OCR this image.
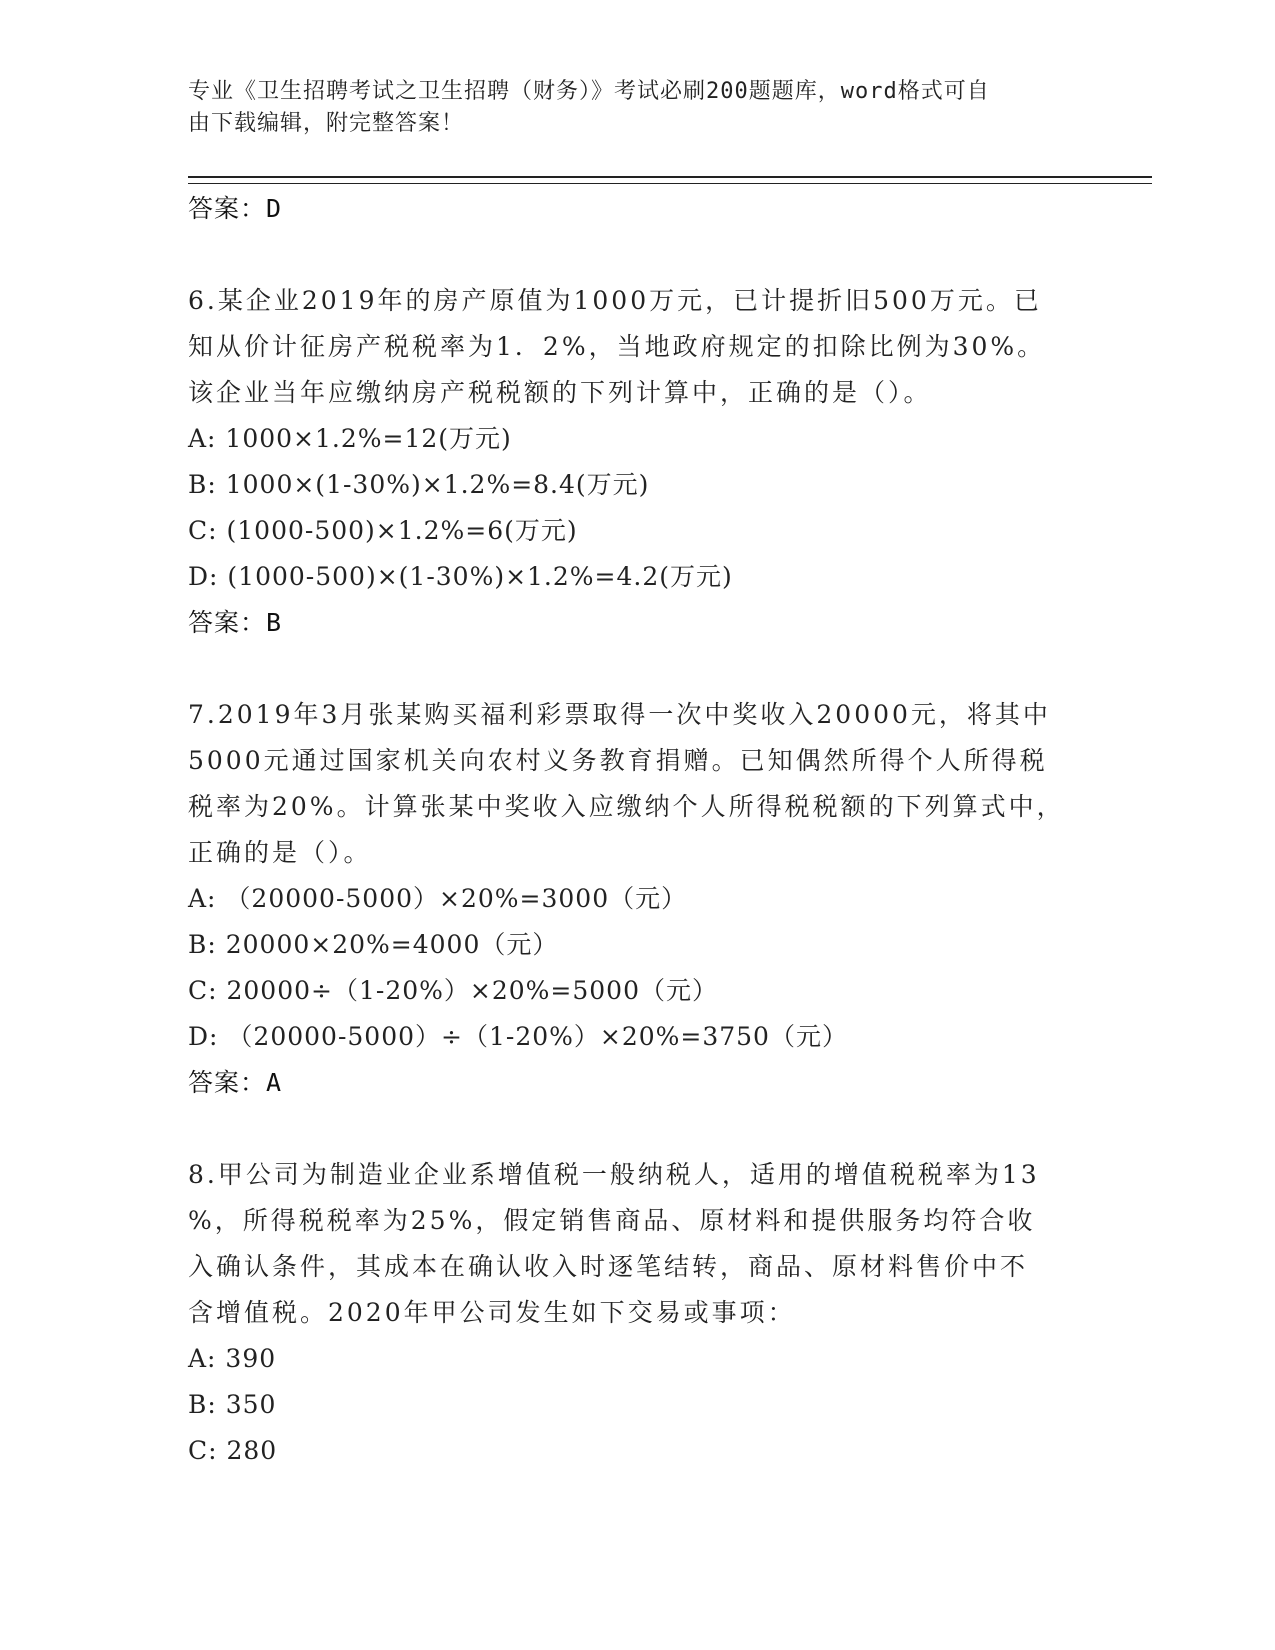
专业《卫生招聘考试之卫生招聘（财务）》考试必刷200题题库，word格式可自
由下载编辑，附完整答案！
答案：D
6.某企业2019年的房产原值为1000万元，已计提折旧500万元。已
知从价计征房产税税率为1．2%，当地政府规定的扣除比例为30%。
该企业当年应缴纳房产税税额的下列计算中，正确的是（）。
A: 1000×1.2%=12(万元)
B: 1000×(1-30%)×1.2%=8.4(万元)
C: (1000-500)×1.2%=6(万元)
D: (1000-500)×(1-30%)×1.2%=4.2(万元)
答案：B
7.2019年3月张某购买福利彩票取得一次中奖收入20000元，将其中
5000元通过国家机关向农村义务教育捐赠。已知偶然所得个人所得税
税率为20%。计算张某中奖收入应缴纳个人所得税税额的下列算式中，
正确的是（）。
A: （20000-5000）×20%=3000（元）
B: 20000×20%=4000（元）
C: 20000÷（1-20%）×20%=5000（元）
D: （20000-5000）÷（1-20%）×20%=3750（元）
答案：A
8.甲公司为制造业企业系增值税一般纳税人，适用的增值税税率为13
%，所得税税率为25%，假定销售商品、原材料和提供服务均符合收
入确认条件，其成本在确认收入时逐笔结转，商品、原材料售价中不
含增值税。2020年甲公司发生如下交易或事项：
A: 390
B: 350
C: 280
